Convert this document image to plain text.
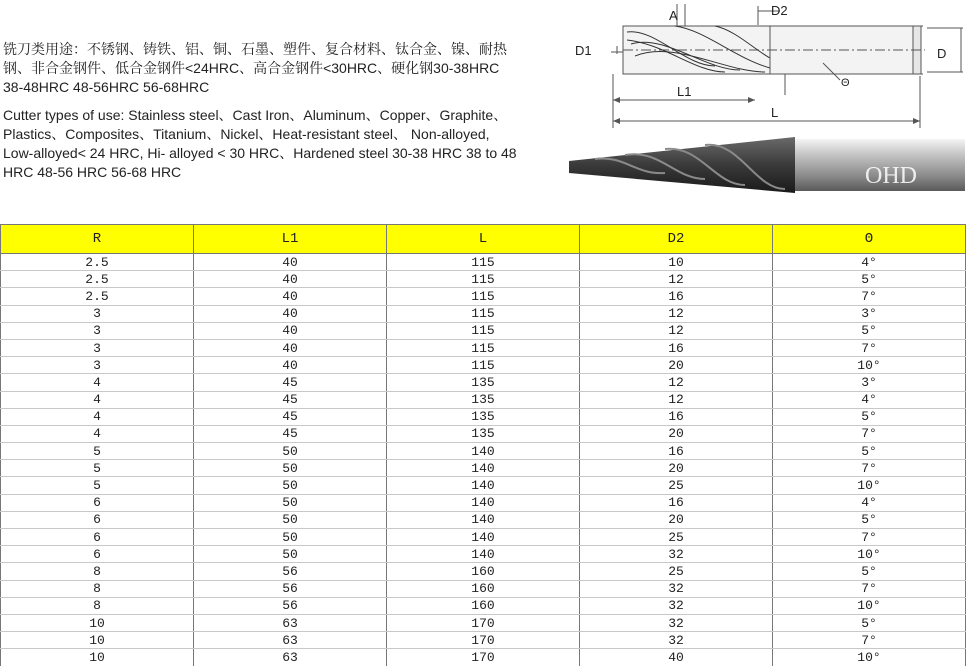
铣刀类用途：不锈钢、铸铁、铝、铜、石墨、塑件、复合材料、钛合金、镍、耐热钢、非合金钢件、低合金钢件<24HRC、高合金钢件<30HRC、硬化钢30-38HRC 38-48HRC 48-56HRC 56-68HRC

Cutter types of use: Stainless steel、Cast Iron、Aluminum、Copper、Graphite、Plastics、Composites、Titanium、Nickel、Heat-resistant steel、 Non-alloyed, Low-alloyed< 24 HRC, Hi- alloyed < 30 HRC、Hardened steel 30-38 HRC 38 to 48 HRC 48-56 HRC 56-68 HRC

A	D2
D1	D
Θ
L1
L
OHD
R	L1	L	D2	Θ
2.5	40	115	10	4°
2.5	40	115	12	5°
2.5	40	115	16	7°
3	40	115	12	3°
3	40	115	12	5°
3	40	115	16	7°
3	40	115	20	10°
4	45	135	12	3°
4	45	135	12	4°
4	45	135	16	5°
4	45	135	20	7°
5	50	140	16	5°
5	50	140	20	7°
5	50	140	25	10°
6	50	140	16	4°
6	50	140	20	5°
6	50	140	25	7°
6	50	140	32	10°
8	56	160	25	5°
8	56	160	32	7°
8	56	160	32	10°
10	63	170	32	5°
10	63	170	32	7°
10	63	170	40	10°
